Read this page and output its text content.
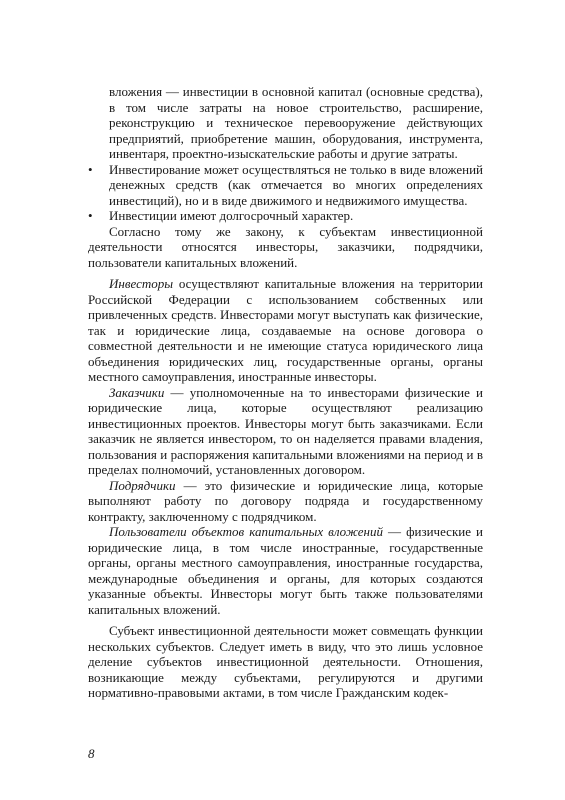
вложения — инвестиции в основной капитал (основные средства), в том числе затраты на новое строительство, расширение, реконструкцию и техническое перевооружение действующих предприятий, приобретение машин, оборудования, инструмента, инвентаря, проектно-изыскательские работы и другие затраты.

• Инвестирование может осуществляться не только в виде вложений денежных средств (как отмечается во многих определениях инвестиций), но и в виде движимого и недвижимого имущества.
• Инвестиции имеют долгосрочный характер.

Согласно тому же закону, к субъектам инвестиционной деятельности относятся инвесторы, заказчики, подрядчики, пользователи капитальных вложений.

Инвесторы осуществляют капитальные вложения на территории Российской Федерации с использованием собственных или привлеченных средств. Инвесторами могут выступать как физические, так и юридические лица, создаваемые на основе договора о совместной деятельности и не имеющие статуса юридического лица объединения юридических лиц, государственные органы, органы местного самоуправления, иностранные инвесторы.

Заказчики — уполномоченные на то инвесторами физические и юридические лица, которые осуществляют реализацию инвестиционных проектов. Инвесторы могут быть заказчиками. Если заказчик не является инвестором, то он наделяется правами владения, пользования и распоряжения капитальными вложениями на период и в пределах полномочий, установленных договором.

Подрядчики — это физические и юридические лица, которые выполняют работу по договору подряда и государственному контракту, заключенному с подрядчиком.

Пользователи объектов капитальных вложений — физические и юридические лица, в том числе иностранные, государственные органы, органы местного самоуправления, иностранные государства, международные объединения и органы, для которых создаются указанные объекты. Инвесторы могут быть также пользователями капитальных вложений.

Субъект инвестиционной деятельности может совмещать функции нескольких субъектов. Следует иметь в виду, что это лишь условное деление субъектов инвестиционной деятельности. Отношения, возникающие между субъектами, регулируются и другими нормативно-правовыми актами, в том числе Гражданским кодек-

8
